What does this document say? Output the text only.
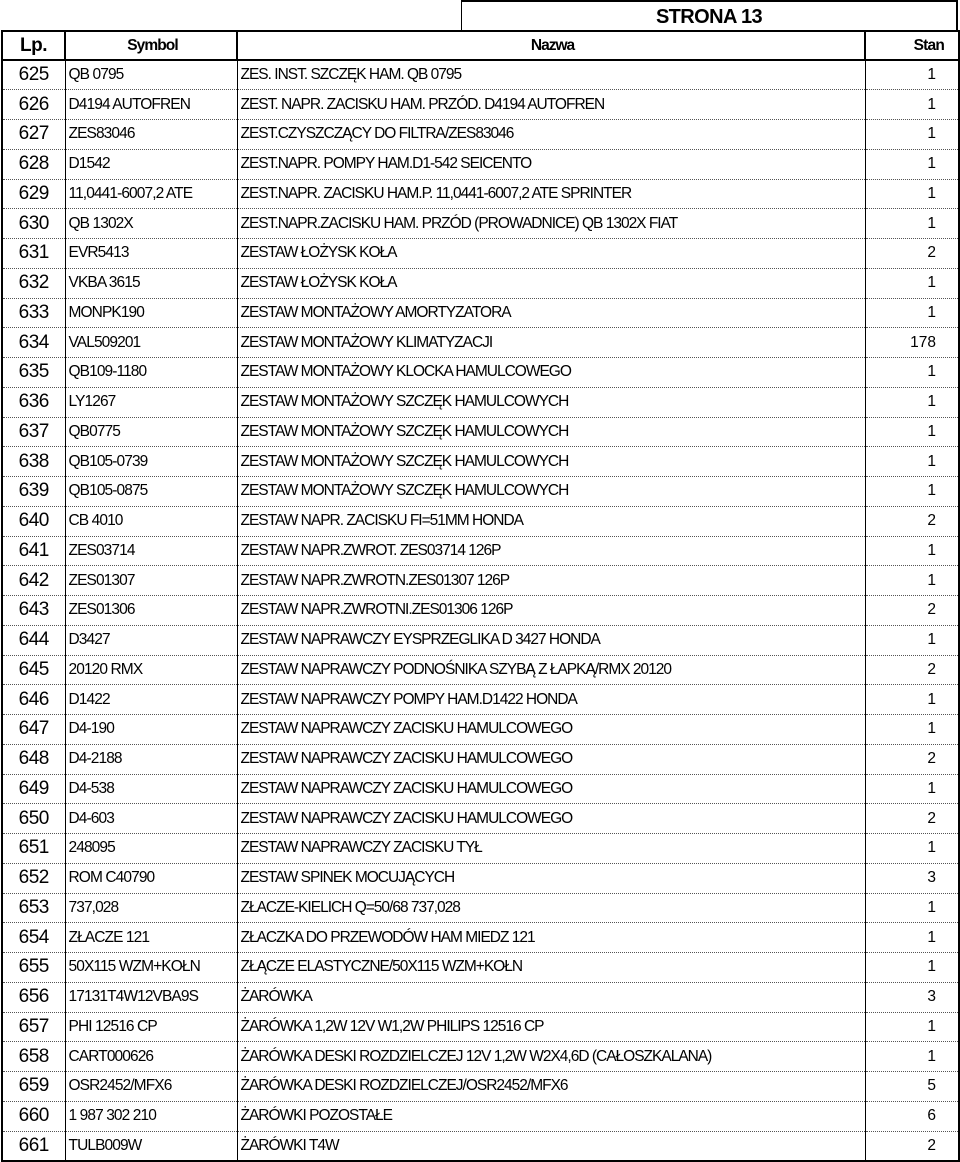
STRONA 13
Lp.	Symbol	Nazwa	Stan
625	QB 0795	ZES. INST. SZCZĘK HAM. QB 0795	1
626	D4194 AUTOFREN	ZEST. NAPR. ZACISKU HAM. PRZÓD. D4194 AUTOFREN	1
627	ZES83046	ZEST.CZYSZCZĄCY DO FILTRA/ZES83046	1
628	D1542	ZEST.NAPR. POMPY HAM.D1-542 SEICENTO	1
629	11,0441-6007,2 ATE	ZEST.NAPR. ZACISKU HAM.P. 11,0441-6007,2 ATE SPRINTER	1
630	QB 1302X	ZEST.NAPR.ZACISKU HAM. PRZÓD (PROWADNICE) QB 1302X FIAT	1
631	EVR5413	ZESTAW ŁOŻYSK KOŁA	2
632	VKBA 3615	ZESTAW ŁOŻYSK KOŁA	1
633	MONPK190	ZESTAW MONTAŻOWY AMORTYZATORA	1
634	VAL509201	ZESTAW MONTAŻOWY KLIMATYZACJI	178
635	QB109-1180	ZESTAW MONTAŻOWY KLOCKA HAMULCOWEGO	1
636	LY1267	ZESTAW MONTAŻOWY SZCZĘK HAMULCOWYCH	1
637	QB0775	ZESTAW MONTAŻOWY SZCZĘK HAMULCOWYCH	1
638	QB105-0739	ZESTAW MONTAŻOWY SZCZĘK HAMULCOWYCH	1
639	QB105-0875	ZESTAW MONTAŻOWY SZCZĘK HAMULCOWYCH	1
640	CB 4010	ZESTAW NAPR. ZACISKU FI=51MM HONDA	2
641	ZES03714	ZESTAW NAPR.ZWROT. ZES03714 126P	1
642	ZES01307	ZESTAW NAPR.ZWROTN.ZES01307 126P	1
643	ZES01306	ZESTAW NAPR.ZWROTNI.ZES01306 126P	2
644	D3427	ZESTAW NAPRAWCZY EYSPRZEGLIKA D 3427 HONDA	1
645	20120 RMX	ZESTAW NAPRAWCZY PODNOŚNIKA SZYBĄ Z ŁAPKĄ/RMX 20120	2
646	D1422	ZESTAW NAPRAWCZY POMPY HAM.D1422 HONDA	1
647	D4-190	ZESTAW NAPRAWCZY ZACISKU HAMULCOWEGO	1
648	D4-2188	ZESTAW NAPRAWCZY ZACISKU HAMULCOWEGO	2
649	D4-538	ZESTAW NAPRAWCZY ZACISKU HAMULCOWEGO	1
650	D4-603	ZESTAW NAPRAWCZY ZACISKU HAMULCOWEGO	2
651	248095	ZESTAW NAPRAWCZY ZACISKU TYŁ	1
652	ROM C40790	ZESTAW SPINEK MOCUJĄCYCH	3
653	737,028	ZŁACZE-KIELICH Q=50/68 737,028	1
654	ZŁACZE 121	ZŁACZKA DO PRZEWODÓW HAM MIEDZ 121	1
655	50X115 WZM+KOŁN	ZŁĄCZE ELASTYCZNE/50X115 WZM+KOŁN	1
656	17131T4W12VBA9S	ŻARÓWKA	3
657	PHI 12516 CP	ŻARÓWKA 1,2W 12V W1,2W PHILIPS 12516 CP	1
658	CART000626	ŻARÓWKA DESKI ROZDZIELCZEJ 12V 1,2W W2X4,6D (CAŁOSZKALANA)	1
659	OSR2452/MFX6	ŻARÓWKA DESKI ROZDZIELCZEJ/OSR2452/MFX6	5
660	1 987 302 210	ŻARÓWKI POZOSTAŁE	6
661	TULB009W	ŻARÓWKI T4W	2
